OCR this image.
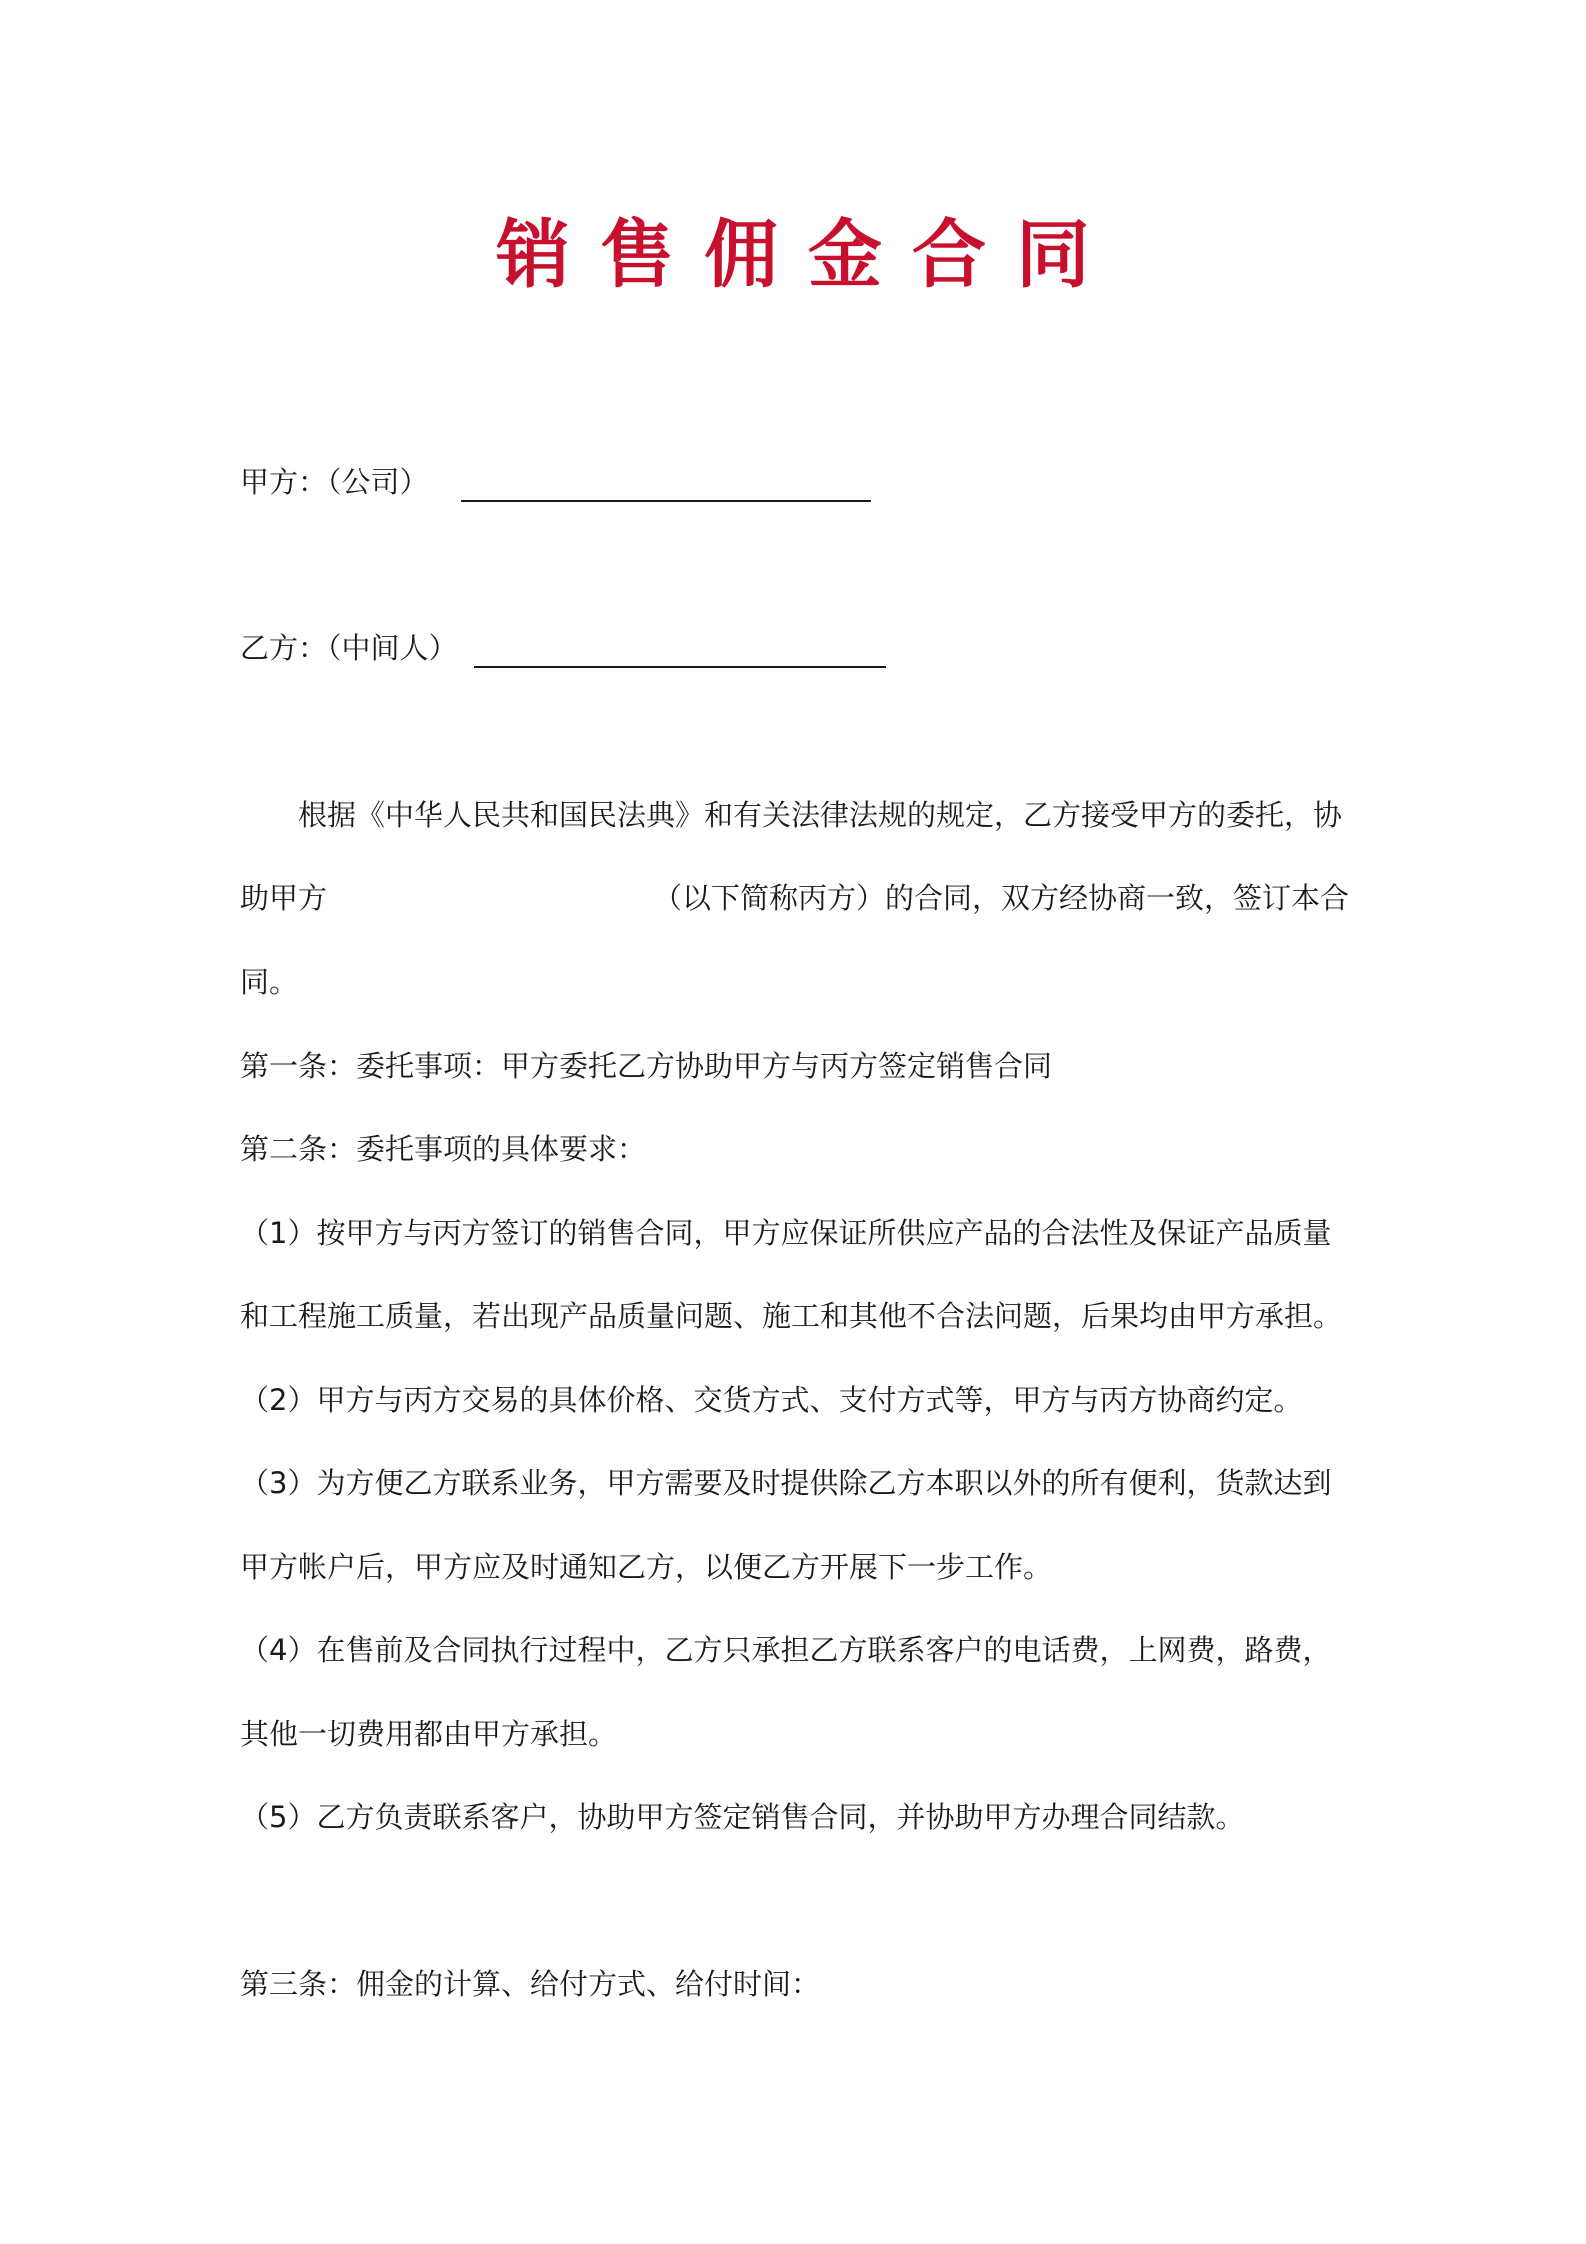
销售佣金合同
甲方：（公司）
乙方：（中间人）
根据《中华人民共和国民法典》和有关法律法规的规定，乙方接受甲方的委托，协
助甲方	（以下简称丙方）的合同，双方经协商一致，签订本合
同。
第一条：委托事项：甲方委托乙方协助甲方与丙方签定销售合同
第二条：委托事项的具体要求：
（1）按甲方与丙方签订的销售合同，甲方应保证所供应产品的合法性及保证产品质量
和工程施工质量，若出现产品质量问题、施工和其他不合法问题，后果均由甲方承担。
（2）甲方与丙方交易的具体价格、交货方式、支付方式等，甲方与丙方协商约定。
（3）为方便乙方联系业务，甲方需要及时提供除乙方本职以外的所有便利，货款达到
甲方帐户后，甲方应及时通知乙方，以便乙方开展下一步工作。
（4）在售前及合同执行过程中，乙方只承担乙方联系客户的电话费，上网费，路费，
其他一切费用都由甲方承担。
（5）乙方负责联系客户，协助甲方签定销售合同，并协助甲方办理合同结款。
第三条：佣金的计算、给付方式、给付时间：
